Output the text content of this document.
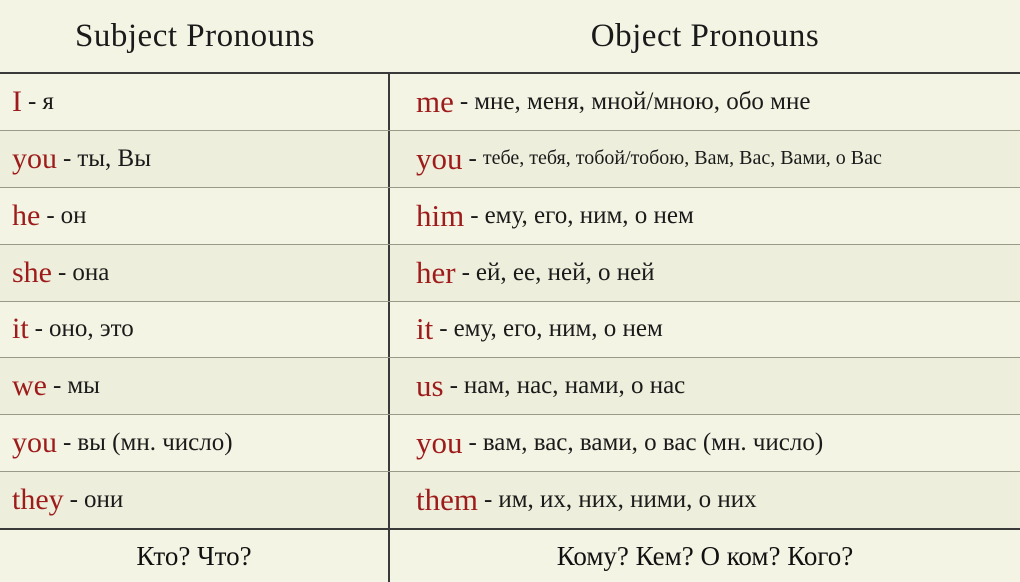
Subject Pronouns	Object Pronouns
I - я	me - мне, меня, мной/мною, обо мне
you - ты, Вы	you - тебе, тебя, тобой/тобою, Вам, Вас, Вами, о Вас
he - он	him - ему, его, ним, о нем
she - она	her - ей, ее, ней, о ней
it - оно, это	it - ему, его, ним, о нем
we - мы	us - нам, нас, нами, о нас
you - вы (мн. число)	you - вам, вас, вами, о вас (мн. число)
they - они	them - им, их, них, ними, о них
Кто? Что?	Кому? Кем? О ком? Кого?
